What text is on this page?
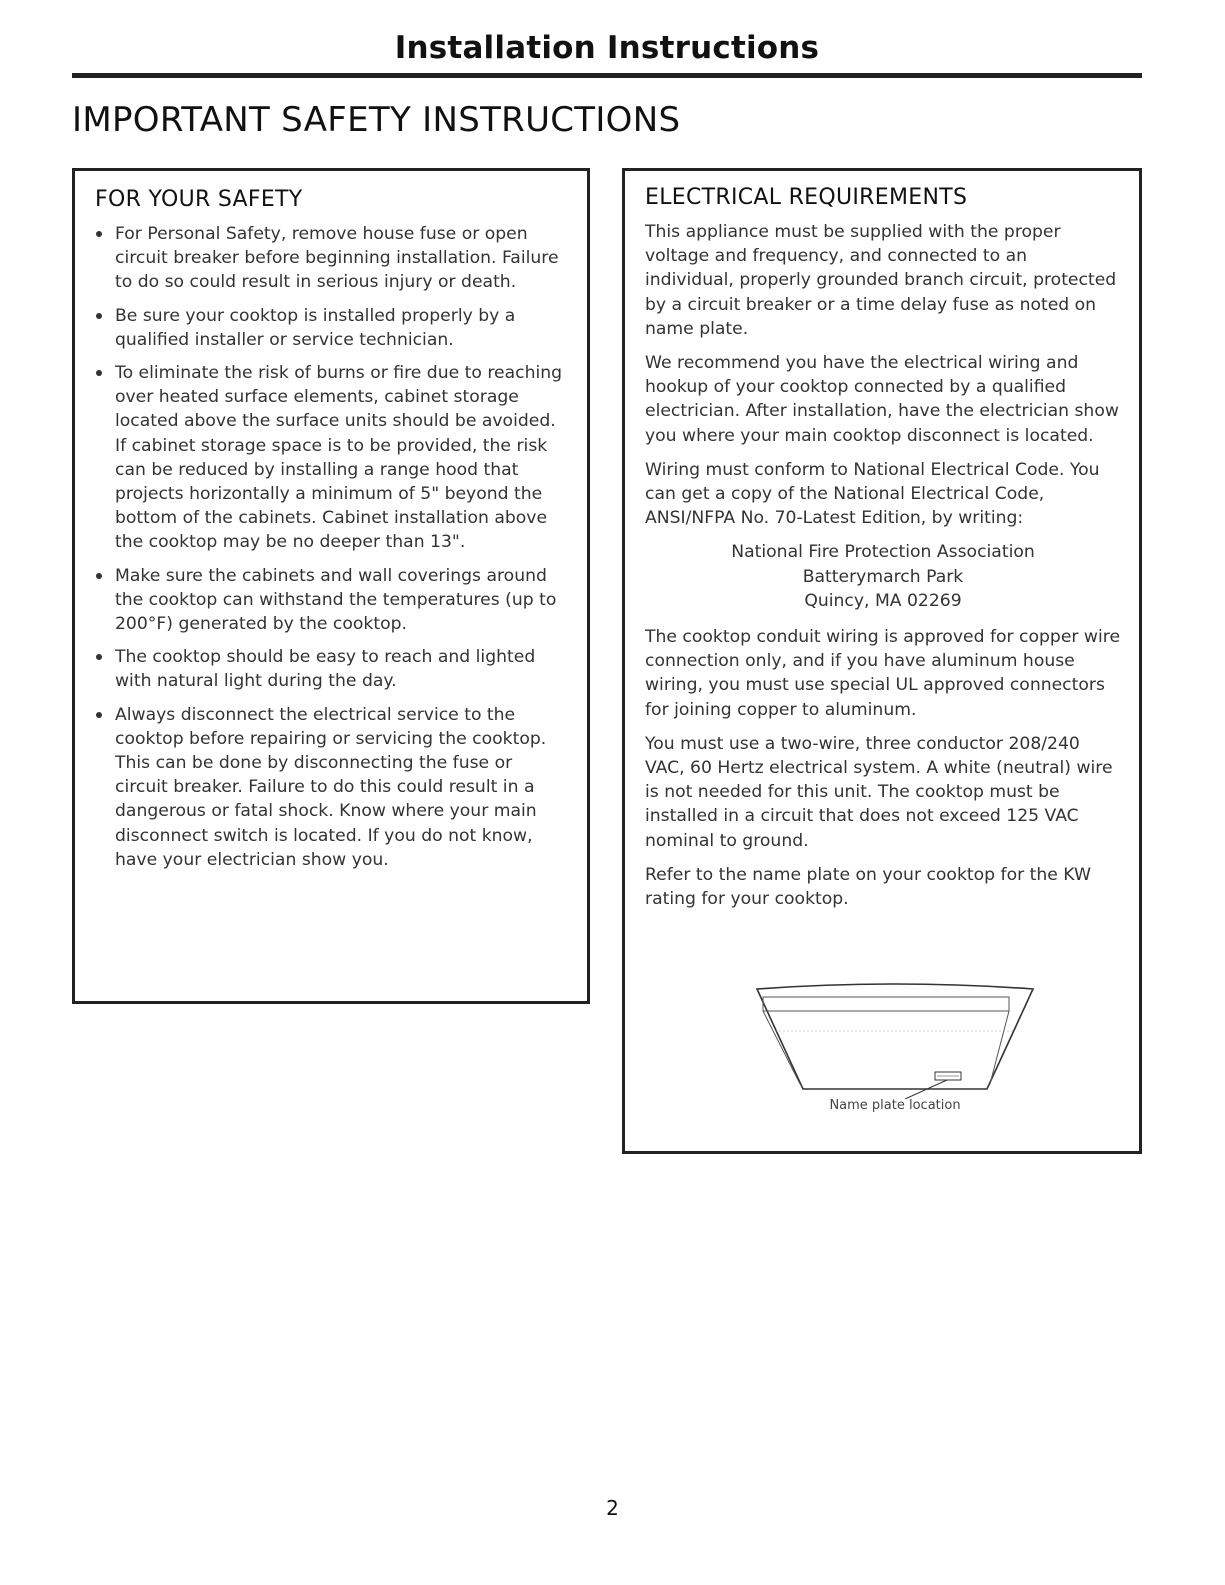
Installation Instructions
IMPORTANT SAFETY INSTRUCTIONS
FOR YOUR SAFETY
For Personal Safety, remove house fuse or open circuit breaker before beginning installation. Failure to do so could result in serious injury or death.
Be sure your cooktop is installed properly by a qualified installer or service technician.
To eliminate the risk of burns or fire due to reaching over heated surface elements, cabinet storage located above the surface units should be avoided. If cabinet storage space is to be provided, the risk can be reduced by installing a range hood that projects horizontally a minimum of 5" beyond the bottom of the cabinets. Cabinet installation above the cooktop may be no deeper than 13".
Make sure the cabinets and wall coverings around the cooktop can withstand the temperatures (up to 200°F) generated by the cooktop.
The cooktop should be easy to reach and lighted with natural light during the day.
Always disconnect the electrical service to the cooktop before repairing or servicing the cooktop. This can be done by disconnecting the fuse or circuit breaker. Failure to do this could result in a dangerous or fatal shock. Know where your main disconnect switch is located. If you do not know, have your electrician show you.
ELECTRICAL REQUIREMENTS

This appliance must be supplied with the proper voltage and frequency, and connected to an individual, properly grounded branch circuit, protected by a circuit breaker or a time delay fuse as noted on name plate.

We recommend you have the electrical wiring and hookup of your cooktop connected by a qualified electrician. After installation, have the electrician show you where your main cooktop disconnect is located.

Wiring must conform to National Electrical Code. You can get a copy of the National Electrical Code, ANSI/NFPA No. 70-Latest Edition, by writing:

National Fire Protection Association
Batterymarch Park
Quincy, MA 02269

The cooktop conduit wiring is approved for copper wire connection only, and if you have aluminum house wiring, you must use special UL approved connectors for joining copper to aluminum.

You must use a two-wire, three conductor 208/240 VAC, 60 Hertz electrical system. A white (neutral) wire is not needed for this unit. The cooktop must be installed in a circuit that does not exceed 125 VAC nominal to ground.

Refer to the name plate on your cooktop for the KW rating for your cooktop.

Name plate location
2
